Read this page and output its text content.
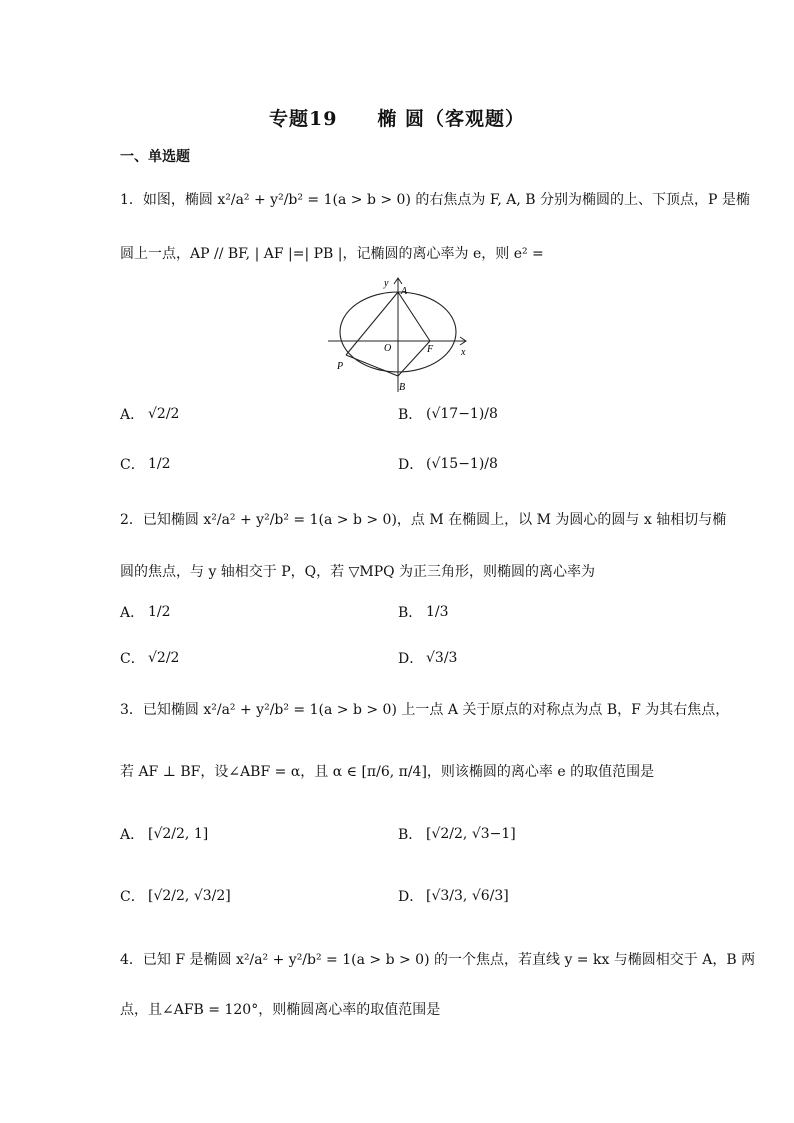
专题19　　椭 圆（客观题）
一、单选题
1．如图，椭圆 x²/a² + y²/b² = 1(a > b > 0) 的右焦点为 F, A, B 分别为椭圆的上、下顶点，P 是椭
圆上一点，AP // BF, | AF |=| PB |，记椭圆的离心率为 e，则 e² =
y
x
A
B
O	F
P
A． √2/2	B． (√17−1)/8
C． 1/2	D． (√15−1)/8
2．已知椭圆 x²/a² + y²/b² = 1(a > b > 0)，点 M 在椭圆上，以 M 为圆心的圆与 x 轴相切与椭
圆的焦点，与 y 轴相交于 P，Q，若 ▽MPQ 为正三角形，则椭圆的离心率为
A． 1/2	B． 1/3
C． √2/2	D． √3/3
3．已知椭圆 x²/a² + y²/b² = 1(a > b > 0) 上一点 A 关于原点的对称点为点 B，F 为其右焦点，
若 AF ⊥ BF，设∠ABF = α，且 α ∈ [π/6, π/4]，则该椭圆的离心率 e 的取值范围是
A． [√2/2, 1]	B． [√2/2, √3−1]
C． [√2/2, √3/2]	D． [√3/3, √6/3]
4．已知 F 是椭圆 x²/a² + y²/b² = 1(a > b > 0) 的一个焦点，若直线 y = kx 与椭圆相交于 A，B 两
点，且∠AFB = 120°，则椭圆离心率的取值范围是
